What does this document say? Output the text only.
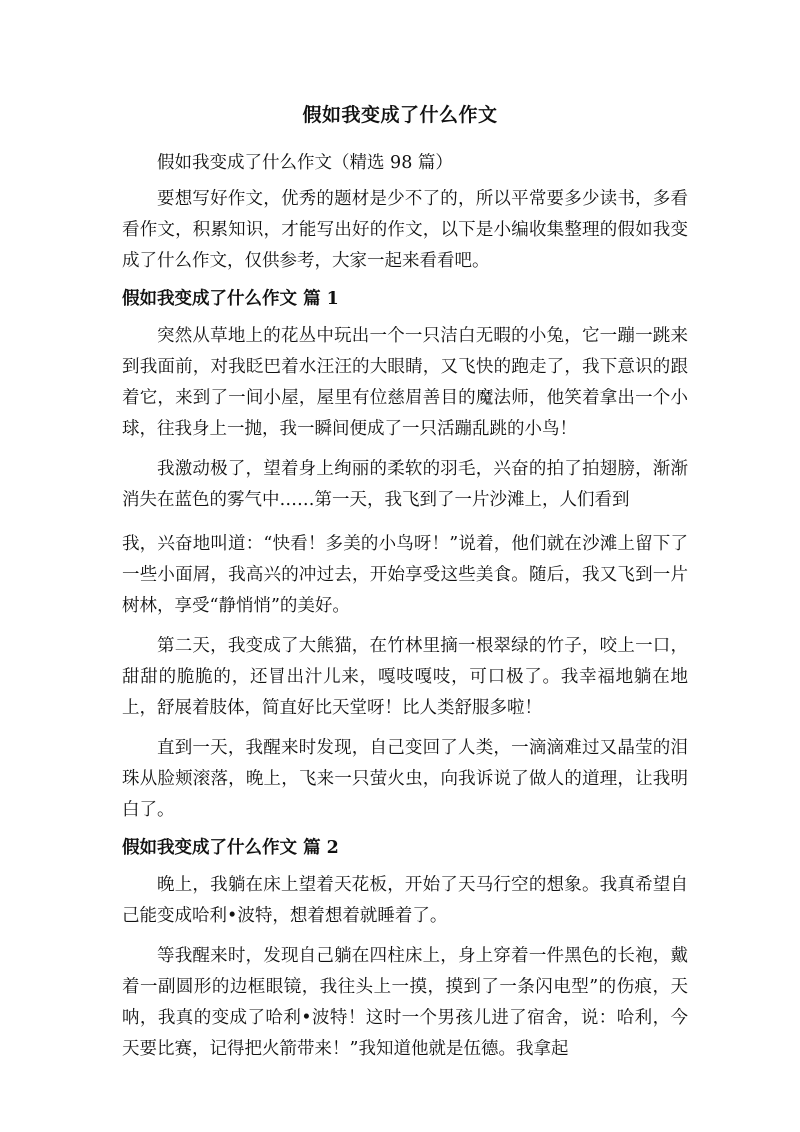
假如我变成了什么作文

假如我变成了什么作文（精选 98 篇）

要想写好作文，优秀的题材是少不了的，所以平常要多少读书，多看看作文，积累知识，才能写出好的作文，以下是小编收集整理的假如我变成了什么作文，仅供参考，大家一起来看看吧。

假如我变成了什么作文 篇 1

突然从草地上的花丛中玩出一个一只洁白无暇的小兔，它一蹦一跳来到我面前，对我眨巴着水汪汪的大眼睛，又飞快的跑走了，我下意识的跟着它，来到了一间小屋，屋里有位慈眉善目的魔法师，他笑着拿出一个小球，往我身上一抛，我一瞬间便成了一只活蹦乱跳的小鸟！

我激动极了，望着身上绚丽的柔软的羽毛，兴奋的拍了拍翅膀，渐渐消失在蓝色的雾气中……第一天，我飞到了一片沙滩上，人们看到

我，兴奋地叫道：“快看！多美的小鸟呀！”说着，他们就在沙滩上留下了一些小面屑，我高兴的冲过去，开始享受这些美食。随后，我又飞到一片树林，享受“静悄悄”的美好。

第二天，我变成了大熊猫，在竹林里摘一根翠绿的竹子，咬上一口，甜甜的脆脆的，还冒出汁儿来，嘎吱嘎吱，可口极了。我幸福地躺在地上，舒展着肢体，简直好比天堂呀！比人类舒服多啦！

直到一天，我醒来时发现，自己变回了人类，一滴滴难过又晶莹的泪珠从脸颊滚落，晚上，飞来一只萤火虫，向我诉说了做人的道理，让我明白了。

假如我变成了什么作文 篇 2

晚上，我躺在床上望着天花板，开始了天马行空的想象。我真希望自己能变成哈利•波特，想着想着就睡着了。

等我醒来时，发现自己躺在四柱床上，身上穿着一件黑色的长袍，戴着一副圆形的边框眼镜，我往头上一摸，摸到了一条闪电型”的伤痕，天呐，我真的变成了哈利•波特！这时一个男孩儿进了宿舍，说：哈利，今天要比赛，记得把火箭带来！”我知道他就是伍德。我拿起
